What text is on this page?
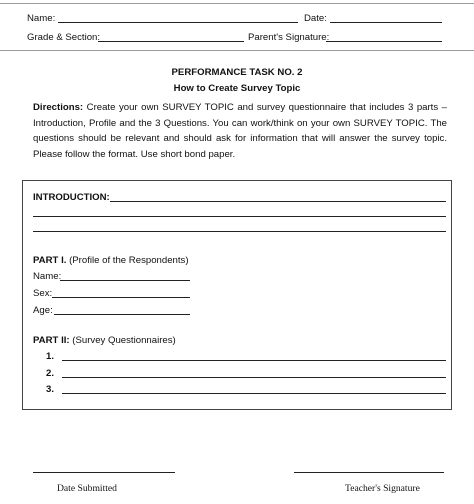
Name:	Date:
Grade & Section:	Parent's Signature:
PERFORMANCE TASK NO. 2
How to Create Survey Topic
Directions: Create your own SURVEY TOPIC and survey questionnaire that includes 3 parts – Introduction, Profile and the 3 Questions. You can work/think on your own SURVEY TOPIC. The questions should be relevant and should ask for information that will answer the survey topic. Please follow the format. Use short bond paper.
INTRODUCTION:
PART I. (Profile of the Respondents)
Name:
Sex:
Age:
PART II: (Survey Questionnaires)
1.
2.
3.
Date Submitted	Teacher's Signature
